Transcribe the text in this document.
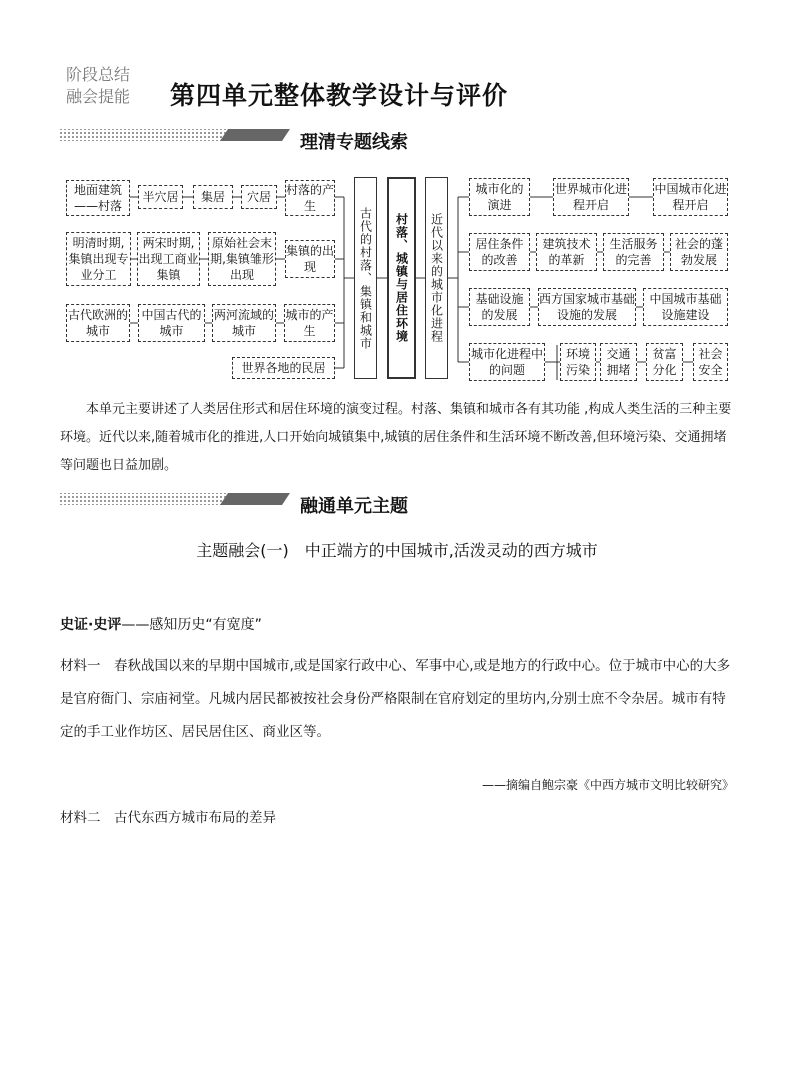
阶段总结
融会提能	第四单元整体教学设计与评价
理清专题线索
地面建筑——村落
半穴居	集居	穴居	村落的产生
明清时期,集镇出现专业分工
两宋时期,出现工商业集镇
原始社会末期,集镇雏形出现
集镇的出现
古代欧洲的城市
中国古代的城市
两河流域的城市
城市的产生
世界各地的民居
古代的村落、集镇和城市	村落、城镇与居住环境	近代以来的城市化进程
城市化的演进
世界城市化进程开启
中国城市化进程开启
居住条件的改善
建筑技术的革新
生活服务的完善
社会的蓬勃发展
基础设施的发展
西方国家城市基础设施的发展
中国城市基础设施建设
城市化进程中的问题
环境污染
交通拥堵
贫富分化
社会安全
本单元主要讲述了人类居住形式和居住环境的演变过程。村落、集镇和城市各有其功能 ,构成人类生活的三种主要环境。近代以来,随着城市化的推进,人口开始向城镇集中,城镇的居住条件和生活环境不断改善,但环境污染、交通拥堵等问题也日益加剧。
融通单元主题
主题融会(一)　中正端方的中国城市,活泼灵动的西方城市
史证·史评——感知历史“有宽度”
材料一　春秋战国以来的早期中国城市,或是国家行政中心、军事中心,或是地方的行政中心。位于城市中心的大多是官府衙门、宗庙祠堂。凡城内居民都被按社会身份严格限制在官府划定的里坊内,分别士庶不令杂居。城市有特定的手工业作坊区、居民居住区、商业区等。
——摘编自鲍宗豪《中西方城市文明比较研究》
材料二　古代东西方城市布局的差异
